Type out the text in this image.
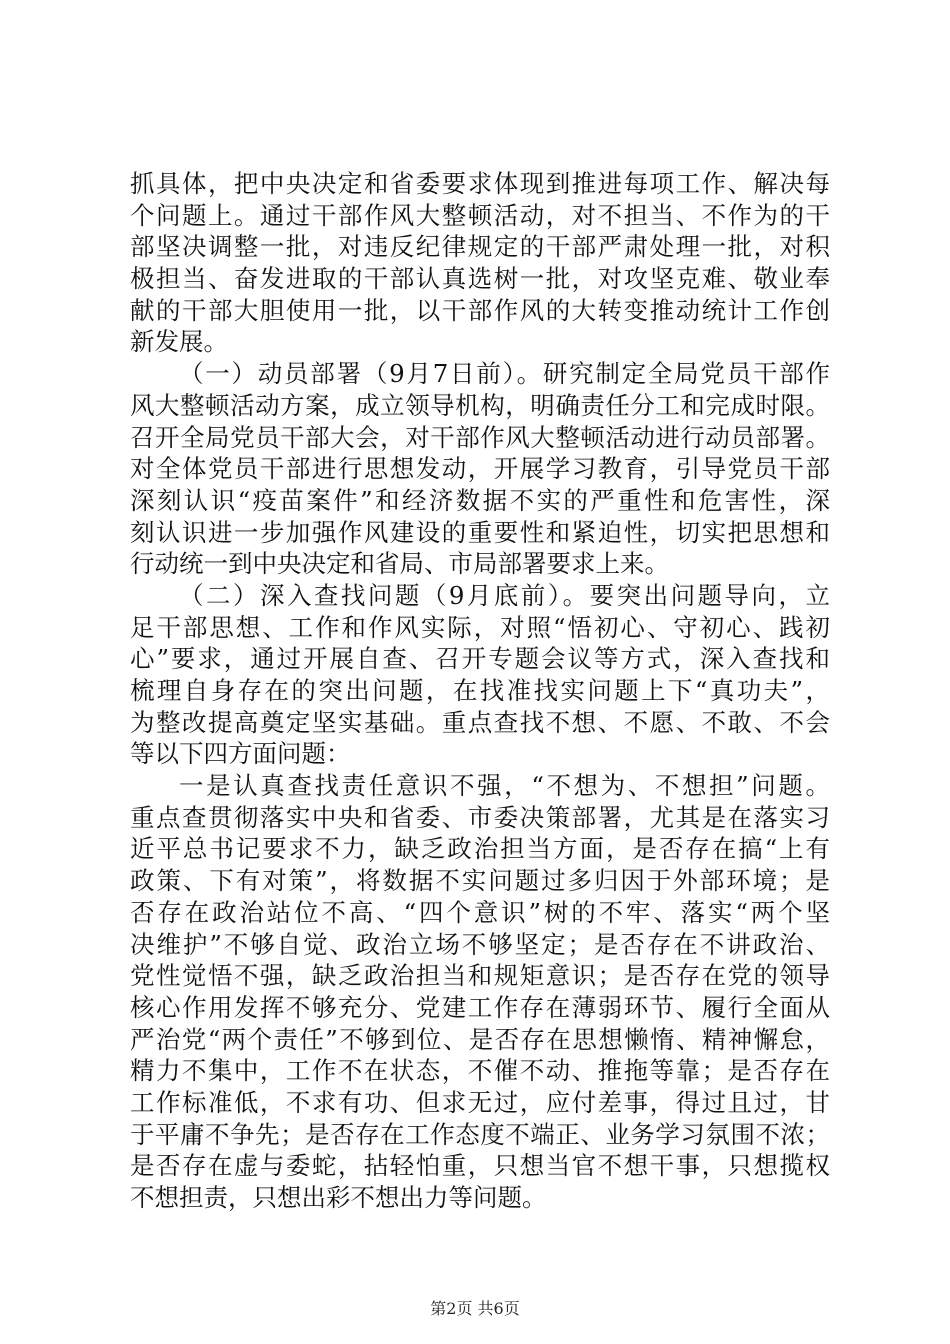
抓具体，把中央决定和省委要求体现到推进每项工作、解决每
个问题上。通过干部作风大整顿活动，对不担当、不作为的干
部坚决调整一批，对违反纪律规定的干部严肃处理一批，对积
极担当、奋发进取的干部认真选树一批，对攻坚克难、敬业奉
献的干部大胆使用一批，以干部作风的大转变推动统计工作创
新发展。
（一）动员部署（9月7日前）。研究制定全局党员干部作
风大整顿活动方案，成立领导机构，明确责任分工和完成时限。
召开全局党员干部大会，对干部作风大整顿活动进行动员部署。
对全体党员干部进行思想发动，开展学习教育，引导党员干部
深刻认识“疫苗案件”和经济数据不实的严重性和危害性，深
刻认识进一步加强作风建设的重要性和紧迫性，切实把思想和
行动统一到中央决定和省局、市局部署要求上来。
（二）深入查找问题（9月底前）。要突出问题导向，立
足干部思想、工作和作风实际，对照“悟初心、守初心、践初
心”要求，通过开展自查、召开专题会议等方式，深入查找和
梳理自身存在的突出问题，在找准找实问题上下“真功夫”，
为整改提高奠定坚实基础。重点查找不想、不愿、不敢、不会
等以下四方面问题：
一是认真查找责任意识不强，“不想为、不想担”问题。
重点查贯彻落实中央和省委、市委决策部署，尤其是在落实习
近平总书记要求不力，缺乏政治担当方面，是否存在搞“上有
政策、下有对策”，将数据不实问题过多归因于外部环境；是
否存在政治站位不高、“四个意识”树的不牢、落实“两个坚
决维护”不够自觉、政治立场不够坚定；是否存在不讲政治、
党性觉悟不强，缺乏政治担当和规矩意识；是否存在党的领导
核心作用发挥不够充分、党建工作存在薄弱环节、履行全面从
严治党“两个责任”不够到位、是否存在思想懒惰、精神懈怠，
精力不集中，工作不在状态，不催不动、推拖等靠；是否存在
工作标准低，不求有功、但求无过，应付差事，得过且过，甘
于平庸不争先；是否存在工作态度不端正、业务学习氛围不浓；
是否存在虚与委蛇，拈轻怕重，只想当官不想干事，只想揽权
不想担责，只想出彩不想出力等问题。
第2页 共6页
